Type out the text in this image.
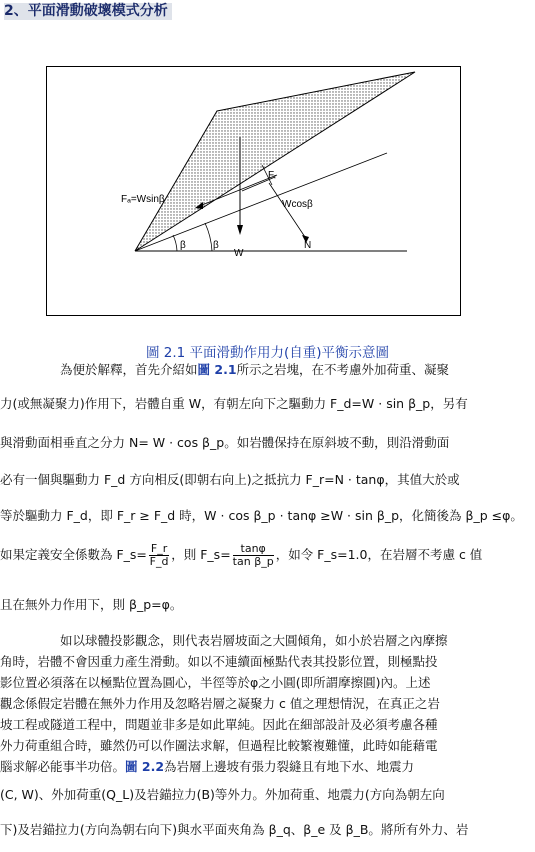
2、平面滑動破壞模式分析
Fₐ=Wsinβ
Fᵣ
Wcosβ
N
W
β	β
圖 2.1 平面滑動作用力(自重)平衡示意圖
為便於解釋，首先介紹如圖 2.1所示之岩塊，在不考慮外加荷重、凝聚
力(或無凝聚力)作用下，岩體自重 W，有朝左向下之驅動力 F_d=W · sin β_p，另有
與滑動面相垂直之分力 N= W · cos β_p。如岩體保持在原斜坡不動，則沿滑動面
必有一個與驅動力 F_d 方向相反(即朝右向上)之抵抗力 F_r=N · tanφ，其值大於或
等於驅動力 F_d，即 F_r ≥ F_d 時，W · cos β_p · tanφ ≥W · sin β_p，化簡後為 β_p ≤φ。
如果定義安全係數為 F_s= $\frac{F\_r}{F\_d}$ ，則 F_s= $\frac{\tan\varphi}{\text{tan β\_p}}$ ，如令 F_s=1.0，在岩層不考慮 c 值
且在無外力作用下，則 β_p=φ。
如以球體投影觀念，則代表岩層坡面之大圓傾角，如小於岩層之內摩擦
角時，岩體不會因重力產生滑動。如以不連續面極點代表其投影位置，則極點投
影位置必須落在以極點位置為圓心，半徑等於φ之小圓(即所謂摩擦圓)內。上述
觀念係假定岩體在無外力作用及忽略岩層之凝聚力 c 值之理想情況，在真正之岩
坡工程或隧道工程中，問題並非多是如此單純。因此在細部設計及必須考慮各種
外力荷重組合時，雖然仍可以作圖法求解，但過程比較繁複難懂，此時如能藉電
腦求解必能事半功倍。圖 2.2為岩層上邊坡有張力裂縫且有地下水、地震力
(C, W)、外加荷重(Q_L)及岩錨拉力(B)等外力。外加荷重、地震力(方向為朝左向
下)及岩錨拉力(方向為朝右向下)與水平面夾角為 β_q、β_e 及 β_B。將所有外力、岩
